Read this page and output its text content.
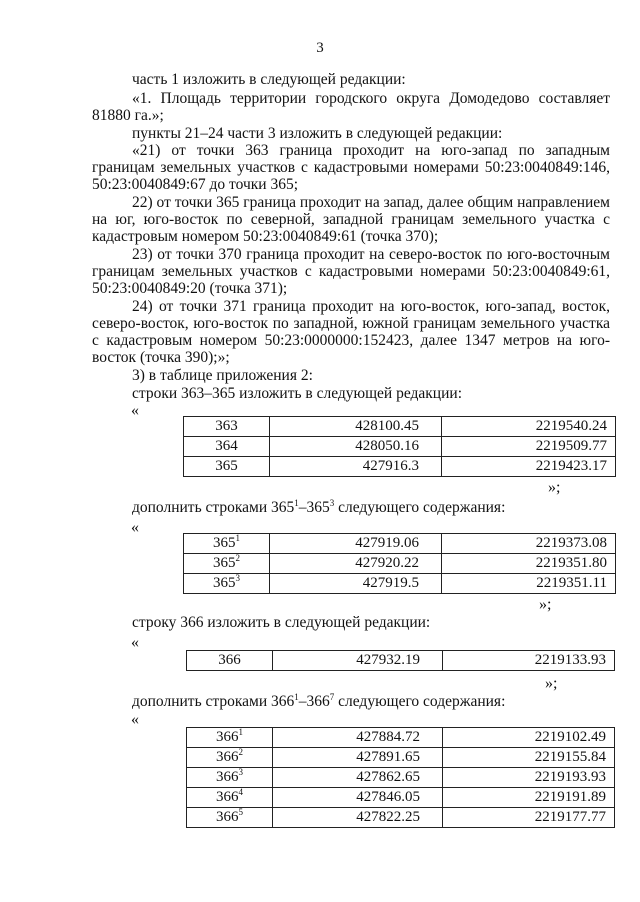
3

часть 1 изложить в следующей редакции:

«1. Площадь территории городского округа Домодедово составляет 81880 га.»;

пункты 21–24 части 3 изложить в следующей редакции:

«21) от точки 363 граница проходит на юго-запад по западным границам земельных участков с кадастровыми номерами 50:23:0040849:146, 50:23:0040849:67 до точки 365;

22) от точки 365 граница проходит на запад, далее общим направлением на юг, юго-восток по северной, западной границам земельного участка с кадастровым номером 50:23:0040849:61 (точка 370);

23) от точки 370 граница проходит на северо-восток по юго-восточным границам земельных участков с кадастровыми номерами 50:23:0040849:61, 50:23:0040849:20 (точка 371);

24) от точки 371 граница проходит на юго-восток, юго-запад, восток, северо-восток, юго-восток по западной, южной границам земельного участка с кадастровым номером 50:23:0000000:152423, далее 1347 метров на юго-восток (точка 390);»;

3) в таблице приложения 2:

строки 363–365 изложить в следующей редакции:

«
363	428100.45	2219540.24
364	428050.16	2219509.77
365	427916.3	2219423.17
»;

дополнить строками $365^1-365^3$ следующего содержания:

«
$365^1$	427919.06	2219373.08
$365^2$	427920.22	2219351.80
$365^3$	427919.5	2219351.11
»;

строку 366 изложить в следующей редакции:

«
366	427932.19	2219133.93
»;

дополнить строками $366^1-366^7$ следующего содержания:

«
$366^1$	427884.72	2219102.49
$366^2$	427891.65	2219155.84
$366^3$	427862.65	2219193.93
$366^4$	427846.05	2219191.89
$366^5$	427822.25	2219177.77
